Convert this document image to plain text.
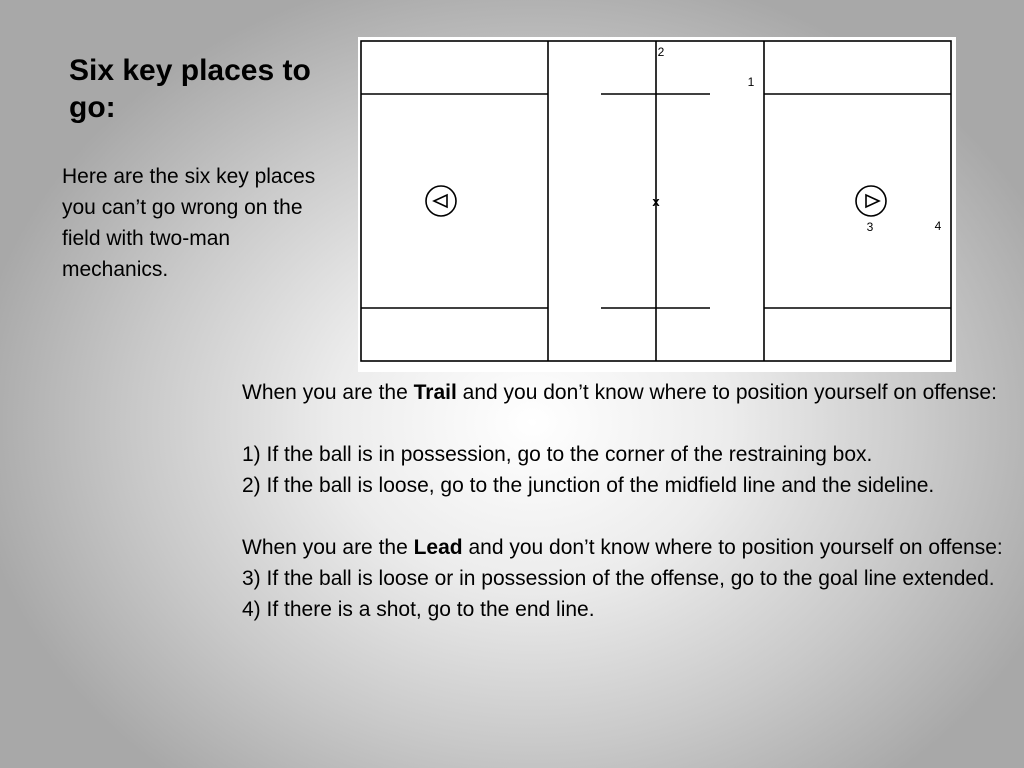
Six key places to go:
Here are the six key places you can’t go wrong on the field with two-man mechanics.
x
2
1
3	4

When you are the Trail and you don’t know where to position yourself on offense:

1) If the ball is in possession, go to the corner of the restraining box.

2) If the ball is loose, go to the junction of the midfield line and the sideline.

When you are the Lead and you don’t know where to position yourself on offense:

3) If the ball is loose or in possession of the offense, go to the goal line extended.

4) If there is a shot, go to the end line.
